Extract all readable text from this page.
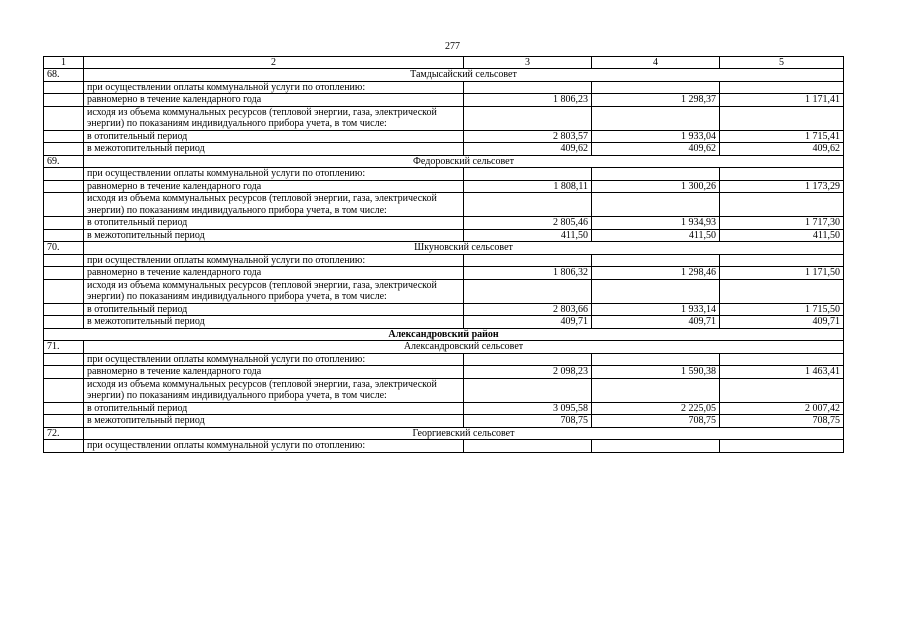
277
1	2	3	4	5
68.	Тамдысайский сельсовет			
	при осуществлении оплаты коммунальной услуги по отоплению:			
	равномерно в течение календарного года	1 806,23	1 298,37	1 171,41
	исходя из объема коммунальных ресурсов (тепловой энергии, газа, электрической энергии) по показаниям индивидуального прибора учета, в том числе:			
	в отопительный период	2 803,57	1 933,04	1 715,41
	в межотопительный период	409,62	409,62	409,62
69.	Федоровский сельсовет			
	при осуществлении оплаты коммунальной услуги по отоплению:			
	равномерно в течение календарного года	1 808,11	1 300,26	1 173,29
	исходя из объема коммунальных ресурсов (тепловой энергии, газа, электрической энергии) по показаниям индивидуального прибора учета, в том числе:			
	в отопительный период	2 805,46	1 934,93	1 717,30
	в межотопительный период	411,50	411,50	411,50
70.	Шкуновский сельсовет			
	при осуществлении оплаты коммунальной услуги по отоплению:			
	равномерно в течение календарного года	1 806,32	1 298,46	1 171,50
	исходя из объема коммунальных ресурсов (тепловой энергии, газа, электрической энергии) по показаниям индивидуального прибора учета, в том числе:			
	в отопительный период	2 803,66	1 933,14	1 715,50
	в межотопительный период	409,71	409,71	409,71
Александровский район				
71.	Александровский сельсовет			
	при осуществлении оплаты коммунальной услуги по отоплению:			
	равномерно в течение календарного года	2 098,23	1 590,38	1 463,41
	исходя из объема коммунальных ресурсов (тепловой энергии, газа, электрической энергии) по показаниям индивидуального прибора учета, в том числе:			
	в отопительный период	3 095,58	2 225,05	2 007,42
	в межотопительный период	708,75	708,75	708,75
72.	Георгиевский сельсовет			
	при осуществлении оплаты коммунальной услуги по отоплению:			
